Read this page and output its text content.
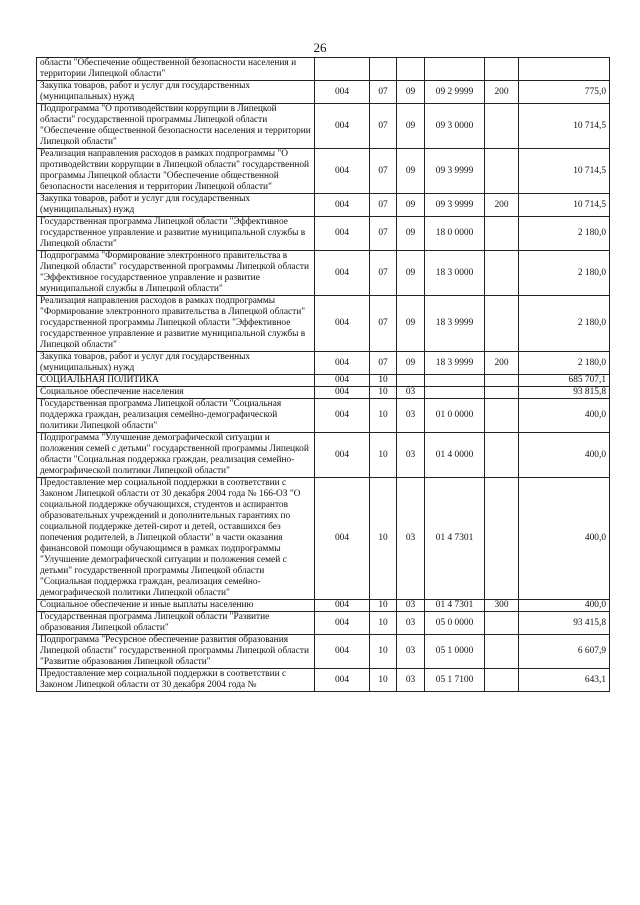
26
области "Обеспечение общественной безопасности населения и территории Липецкой области"						
Закупка товаров, работ и услуг для государственных (муниципальных) нужд	004	07	09	09 2 9999	200	775,0
Подпрограмма "О противодействии коррупции в Липецкой области" государственной программы Липецкой области "Обеспечение общественной безопасности населения и территории Липецкой области"	004	07	09	09 3 0000		10 714,5
Реализация направления расходов в рамках подпрограммы "О противодействии коррупции в Липецкой области" государственной программы Липецкой области "Обеспечение общественной безопасности населения и территории Липецкой области"	004	07	09	09 3 9999		10 714,5
Закупка товаров, работ и услуг для государственных (муниципальных) нужд	004	07	09	09 3 9999	200	10 714,5
Государственная программа Липецкой области "Эффективное государственное управление и развитие муниципальной службы в Липецкой области"	004	07	09	18 0 0000		2 180,0
Подпрограмма "Формирование электронного правительства в Липецкой области" государственной программы Липецкой области "Эффективное государственное управление и развитие муниципальной службы в Липецкой области"	004	07	09	18 3 0000		2 180,0
Реализация направления расходов в рамках подпрограммы "Формирование электронного правительства в Липецкой области" государственной программы Липецкой области "Эффективное государственное управление и развитие муниципальной службы в Липецкой области"	004	07	09	18 3 9999		2 180,0
Закупка товаров, работ и услуг для государственных (муниципальных) нужд	004	07	09	18 3 9999	200	2 180,0
СОЦИАЛЬНАЯ ПОЛИТИКА	004	10				685 707,1
Социальное обеспечение населения	004	10	03			93 815,8
Государственная программа Липецкой области "Социальная поддержка граждан, реализация семейно-демографической политики Липецкой области"	004	10	03	01 0 0000		400,0
Подпрограмма "Улучшение демографической ситуации и положения семей с детьми" государственной программы Липецкой области "Социальная поддержка граждан, реализация семейно-демографической политики Липецкой области"	004	10	03	01 4 0000		400,0
Предоставление мер социальной поддержки в соответствии с Законом Липецкой области от 30 декабря 2004 года № 166-ОЗ "О социальной поддержке обучающихся, студентов и аспирантов образовательных учреждений и дополнительных гарантиях по социальной поддержке детей-сирот и детей, оставшихся без попечения родителей, в Липецкой области" в части оказания финансовой помощи обучающимся в рамках подпрограммы "Улучшение демографической ситуации и положения семей с детьми" государственной программы Липецкой области "Социальная поддержка граждан, реализация семейно-демографической политики Липецкой области"	004	10	03	01 4 7301		400,0
Социальное обеспечение и иные выплаты населению	004	10	03	01 4 7301	300	400,0
Государственная программа Липецкой области "Развитие образования Липецкой области"	004	10	03	05 0 0000		93 415,8
Подпрограмма "Ресурсное обеспечение развития образования Липецкой области" государственной программы Липецкой области "Развитие образования Липецкой области"	004	10	03	05 1 0000		6 607,9
Предоставление мер социальной поддержки в соответствии с Законом Липецкой области от 30 декабря 2004 года №	004	10	03	05 1 7100		643,1
